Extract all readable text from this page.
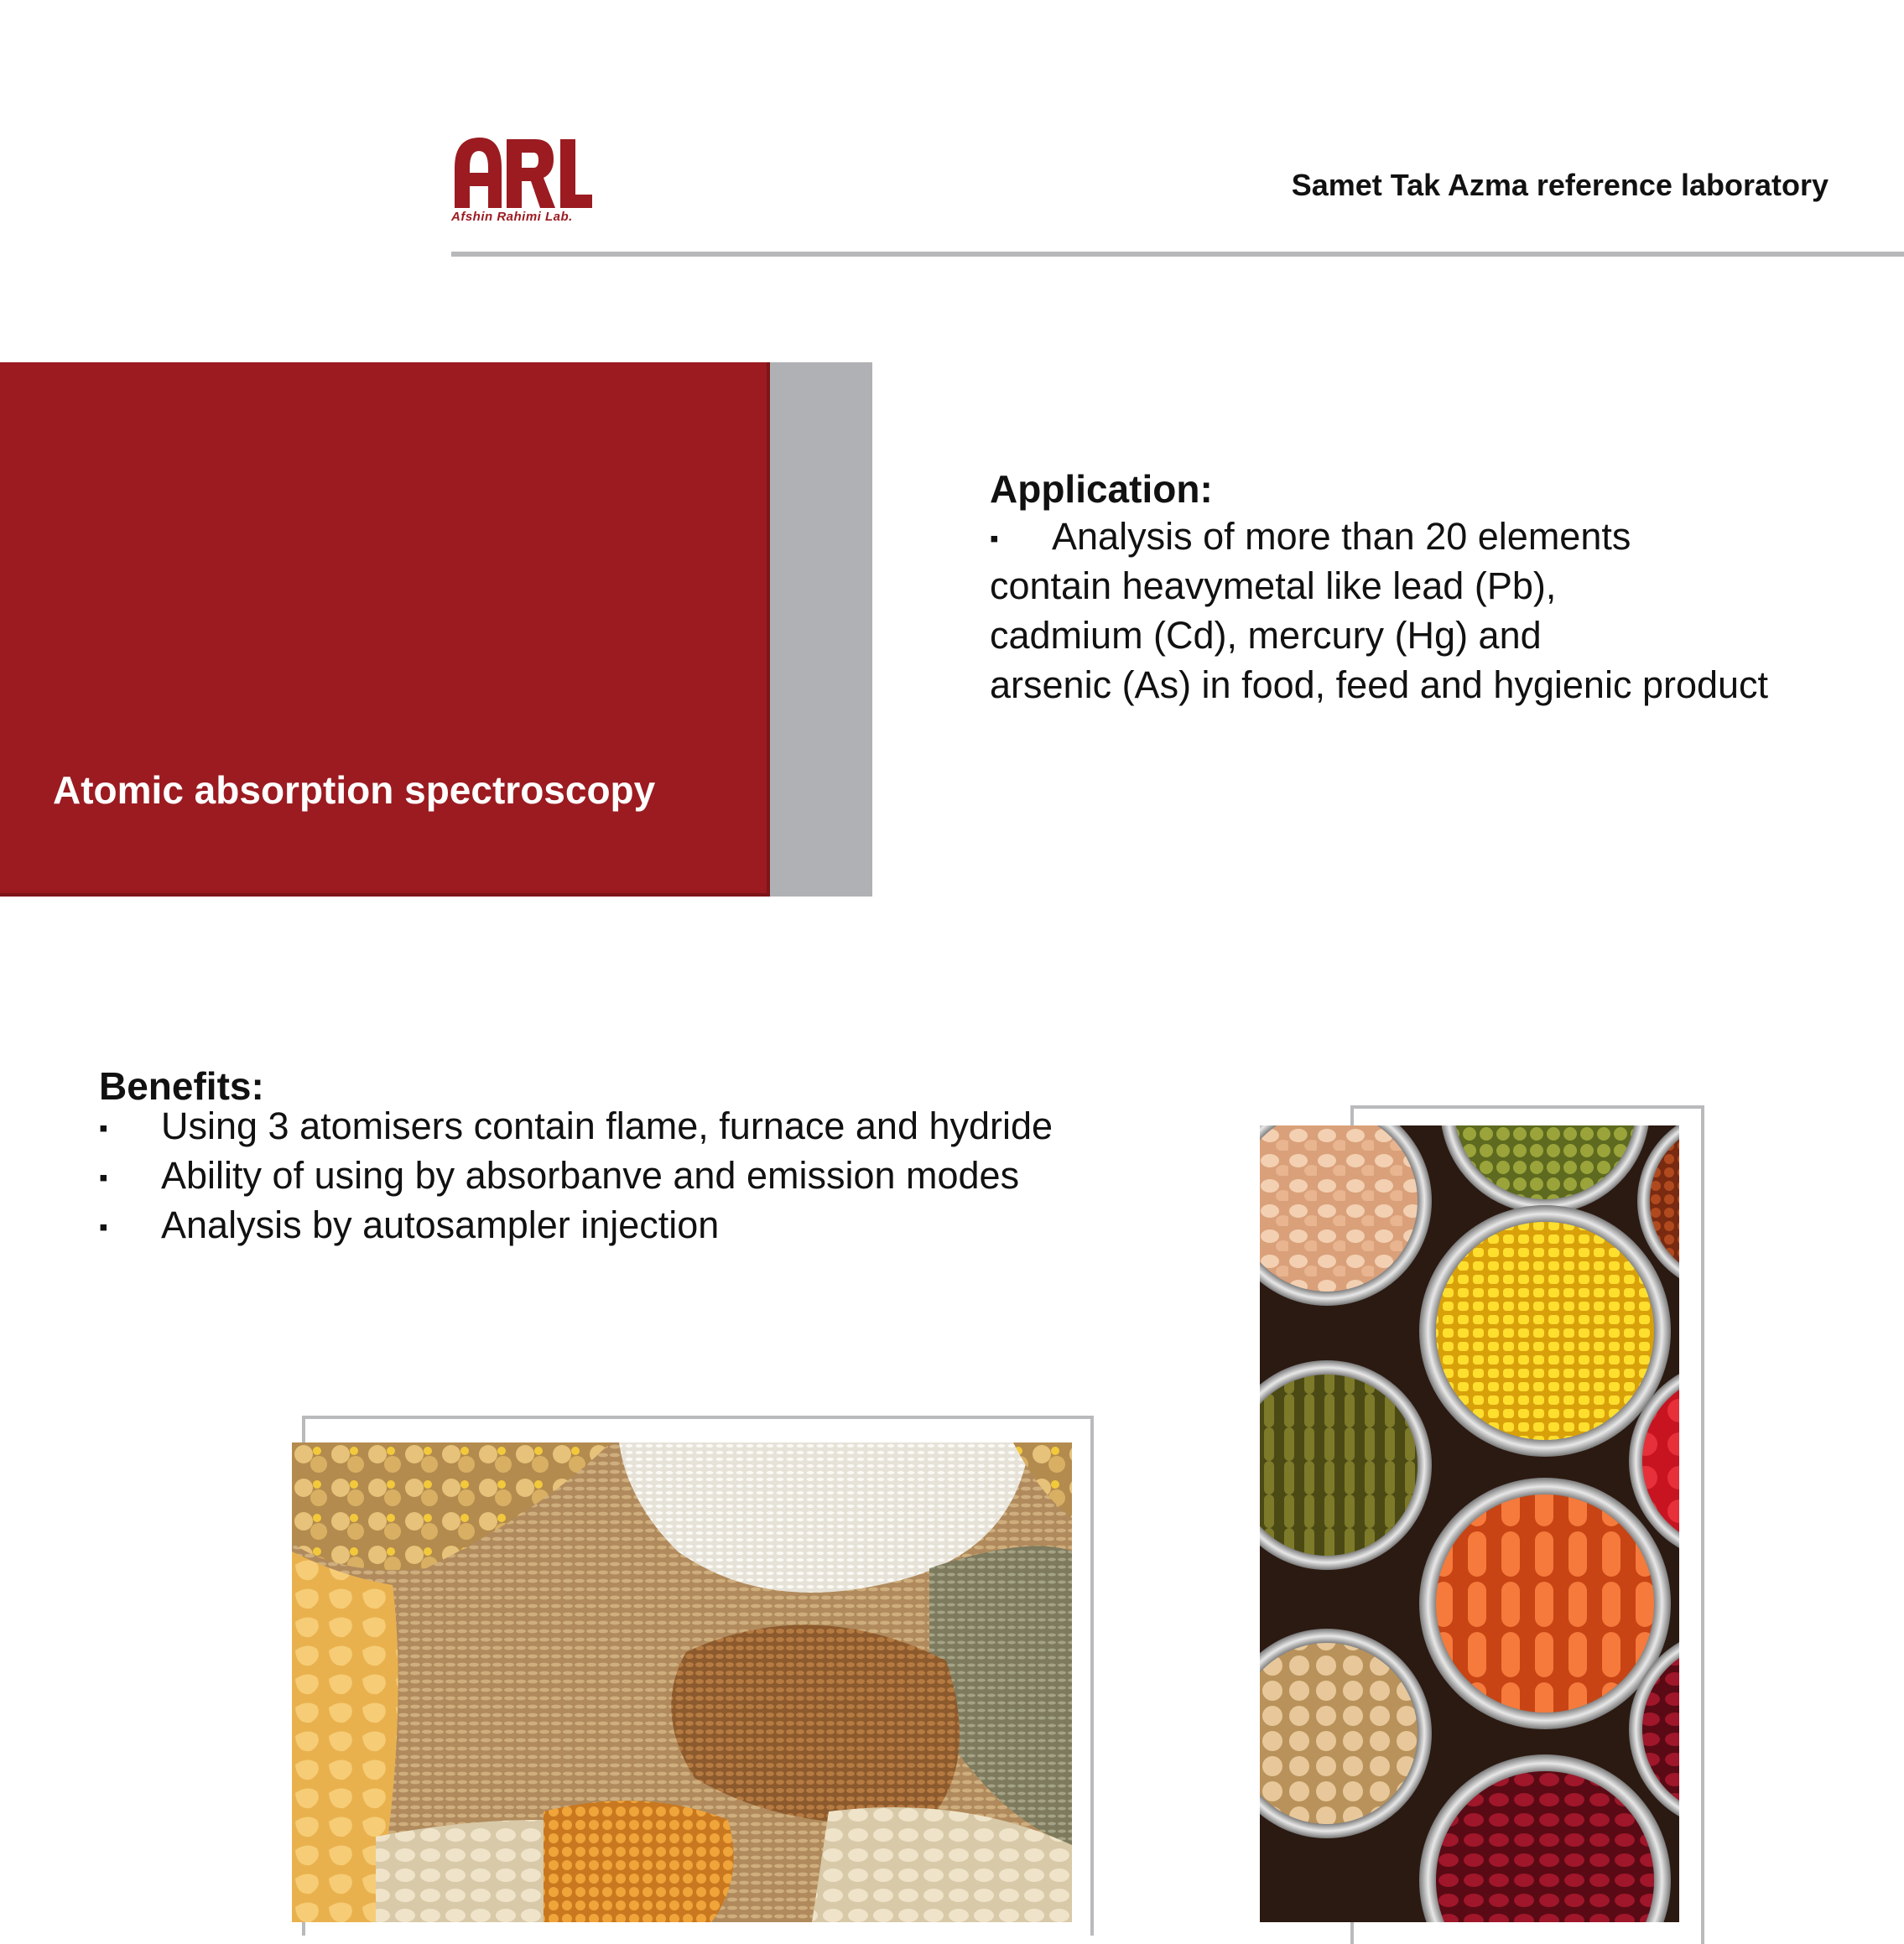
Afshin Rahimi Lab.
Samet Tak Azma reference laboratory
Atomic absorption spectroscopy
Application:
▪ Analysis of more than 20 elements
contain heavymetal like lead (Pb),
cadmium (Cd), mercury (Hg) and
arsenic (As) in food, feed and hygienic product
Benefits:
▪ Using 3 atomisers contain flame, furnace and hydride
▪ Ability of using by absorbanve and emission modes
▪ Analysis by autosampler injection
